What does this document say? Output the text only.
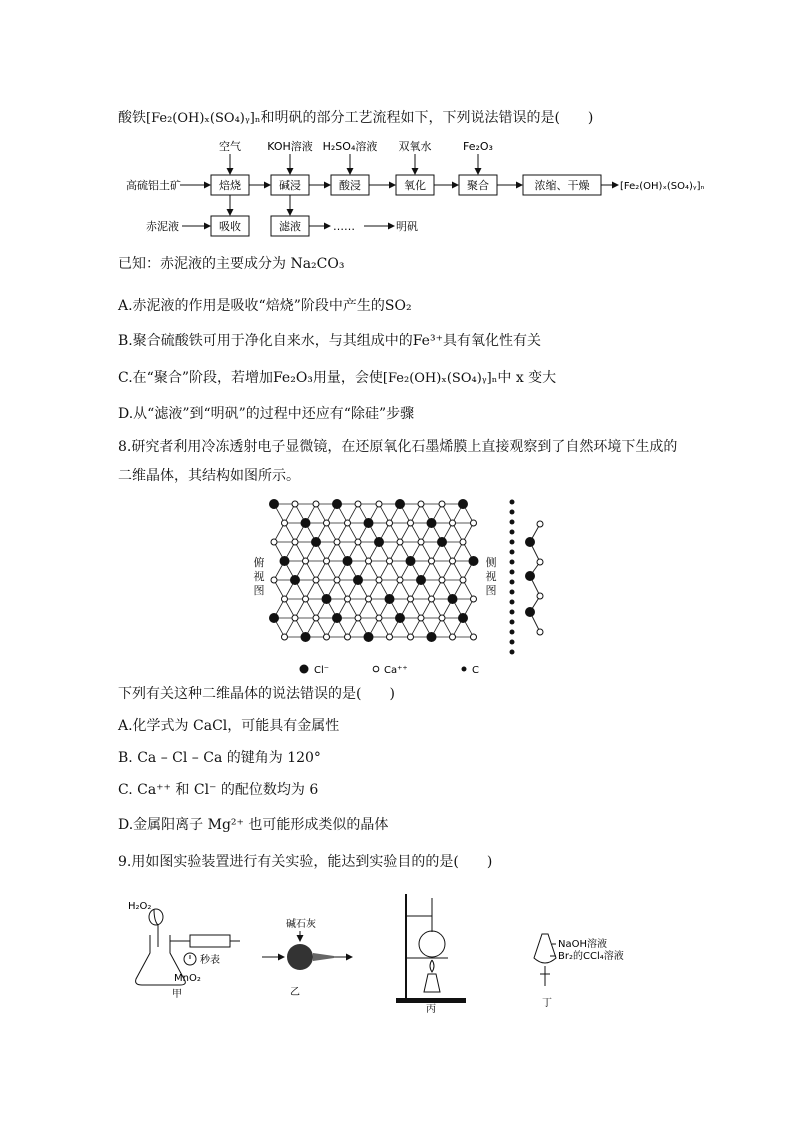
酸铁[Fe₂(OH)ₓ(SO₄)ᵧ]ₙ和明矾的部分工艺流程如下，下列说法错误的是(　　)
空气 KOH溶液 H₂SO₄溶液 双氧水	Fe₂O₃
高硫铝土矿	焙烧	碱浸	酸浸	氧化	聚合	浓缩、干燥	[Fe₂(OH)ₓ(SO₄)ᵧ]ₙ
赤泥液	吸收	滤液	……	明矾
已知：赤泥液的主要成分为 Na₂CO₃
A.赤泥液的作用是吸收“焙烧”阶段中产生的SO₂
B.聚合硫酸铁可用于净化自来水，与其组成中的Fe³⁺具有氧化性有关
C.在“聚合”阶段，若增加Fe₂O₃用量，会使[Fe₂(OH)ₓ(SO₄)ᵧ]ₙ中 x 变大
D.从“滤液”到“明矾”的过程中还应有“除硅”步骤
8.研究者利用冷冻透射电子显微镜，在还原氧化石墨烯膜上直接观察到了自然环境下生成的
二维晶体，其结构如图所示。
俯视图
侧视图
Cl⁻	Ca⁺⁺	C
下列有关这种二维晶体的说法错误的是(　　)
A.化学式为 CaCl，可能具有金属性
B. Ca – Cl – Ca 的键角为 120°
C. Ca⁺⁺ 和 Cl⁻ 的配位数均为 6
D.金属阳离子 Mg²⁺ 也可能形成类似的晶体
9.用如图实验装置进行有关实验，能达到实验目的的是(　　)
H₂O₂
秒表
MnO₂
甲
碱石灰
乙
丙
NaOH溶液
Br₂的CCl₄溶液
丁
